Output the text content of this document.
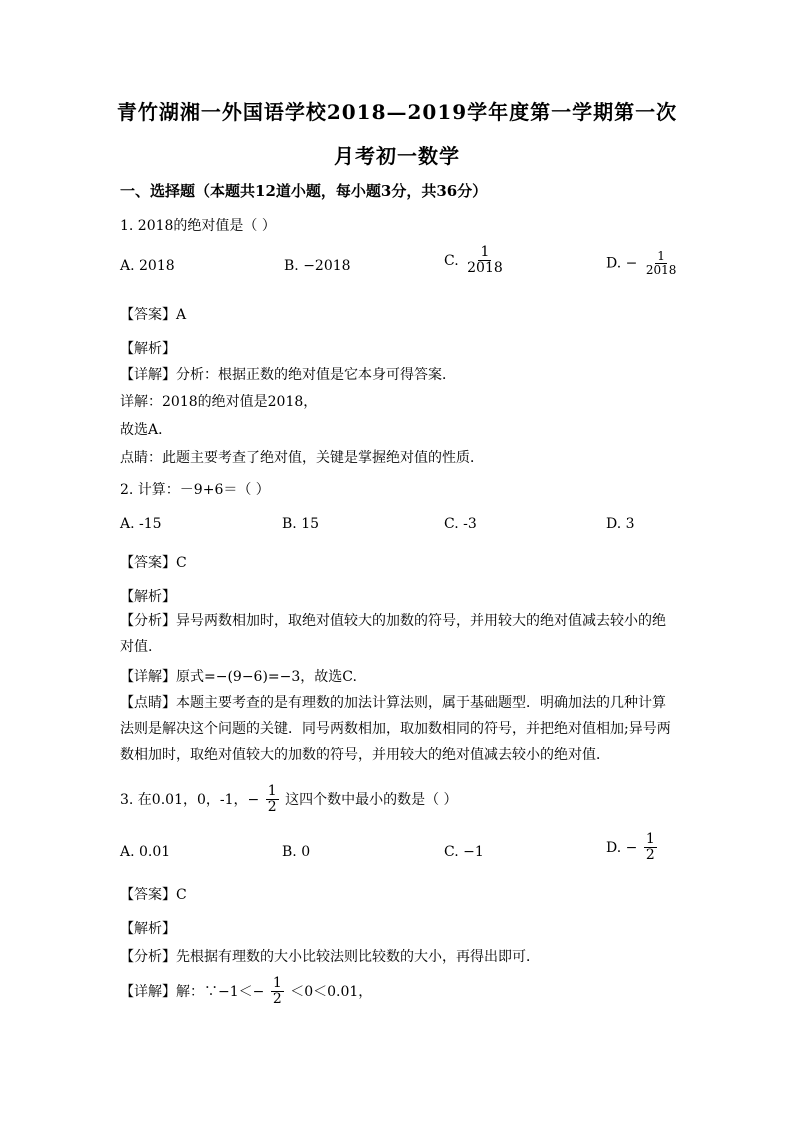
青竹湖湘一外国语学校2018—2019学年度第一学期第一次
月考初一数学
一、选择题（本题共12道小题，每小题3分，共36分）
1. 2018的绝对值是（ ）
A. 2018	B. −2018	C. $\frac{1}{2018}$	D. − $\frac{1}{2018}$
【答案】A
【解析】
【详解】分析：根据正数的绝对值是它本身可得答案．
详解：2018的绝对值是2018，
故选A．
点睛：此题主要考查了绝对值，关键是掌握绝对值的性质．
2. 计算：－9+6＝（ ）
A. -15	B. 15	C. -3	D. 3
【答案】C
【解析】
【分析】异号两数相加时，取绝对值较大的加数的符号，并用较大的绝对值减去较小的绝对值.
【详解】原式=−(9−6)=−3，故选C.
【点睛】本题主要考查的是有理数的加法计算法则，属于基础题型．明确加法的几种计算法则是解决这个问题的关键．同号两数相加，取加数相同的符号，并把绝对值相加;异号两数相加时，取绝对值较大的加数的符号，并用较大的绝对值减去较小的绝对值．
3. 在0.01，0，-1，− $\frac{1}{2}$ 这四个数中最小的数是（ ）
A. 0.01	B. 0	C. −1	D. − $\frac{1}{2}$
【答案】C
【解析】
【分析】先根据有理数的大小比较法则比较数的大小，再得出即可．
【详解】解：∵−1＜− $\frac{1}{2} <0<0.01$，
